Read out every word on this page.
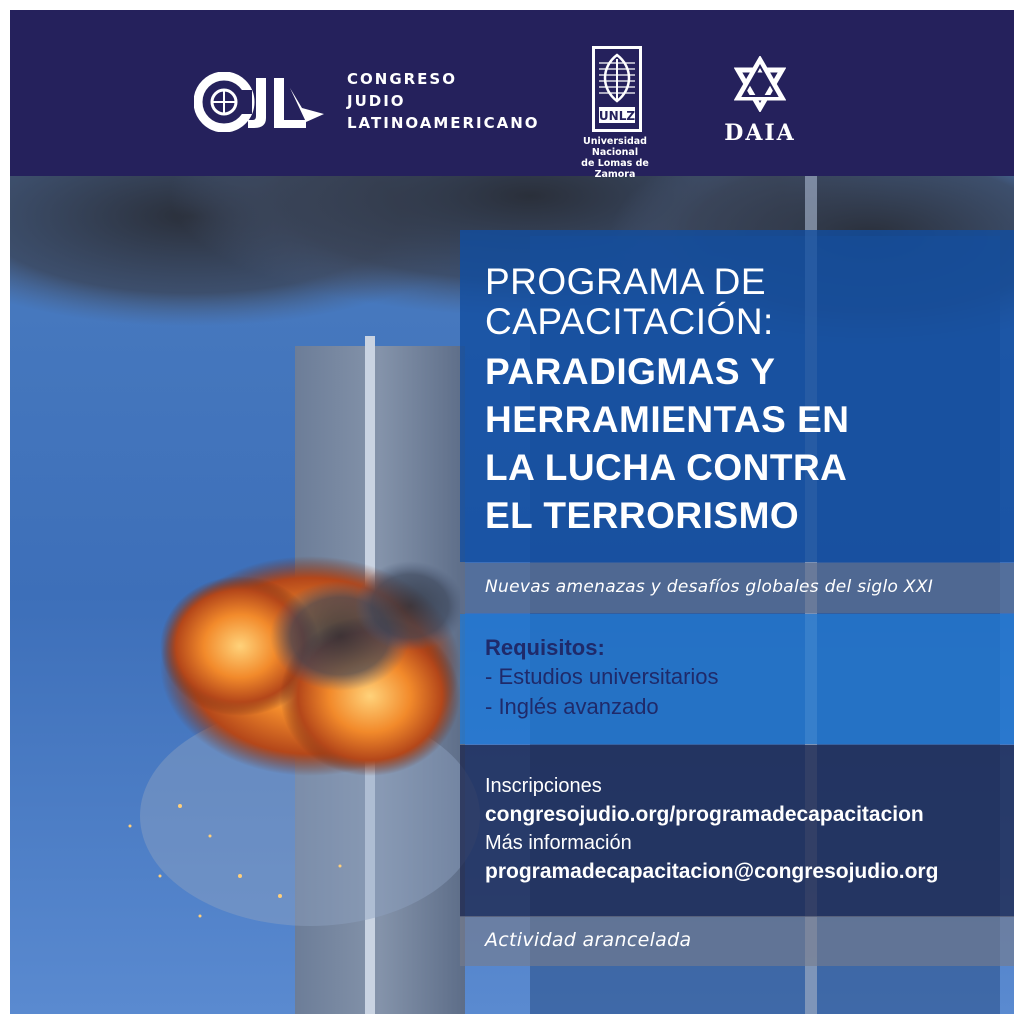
CONGRESO
JUDIO
LATINOAMERICANO	UNLZ
Universidad Nacional
de Lomas de Zamora
DAIA
PROGRAMA DE
CAPACITACIÓN:
PARADIGMAS Y
HERRAMIENTAS EN
LA LUCHA CONTRA
EL TERRORISMO
Nuevas amenazas y desafíos globales del siglo XXI
Requisitos:
- Estudios universitarios
- Inglés avanzado
Inscripciones
congresojudio.org/programadecapacitacion
Más información
programadecapacitacion@congresojudio.org
Actividad arancelada
